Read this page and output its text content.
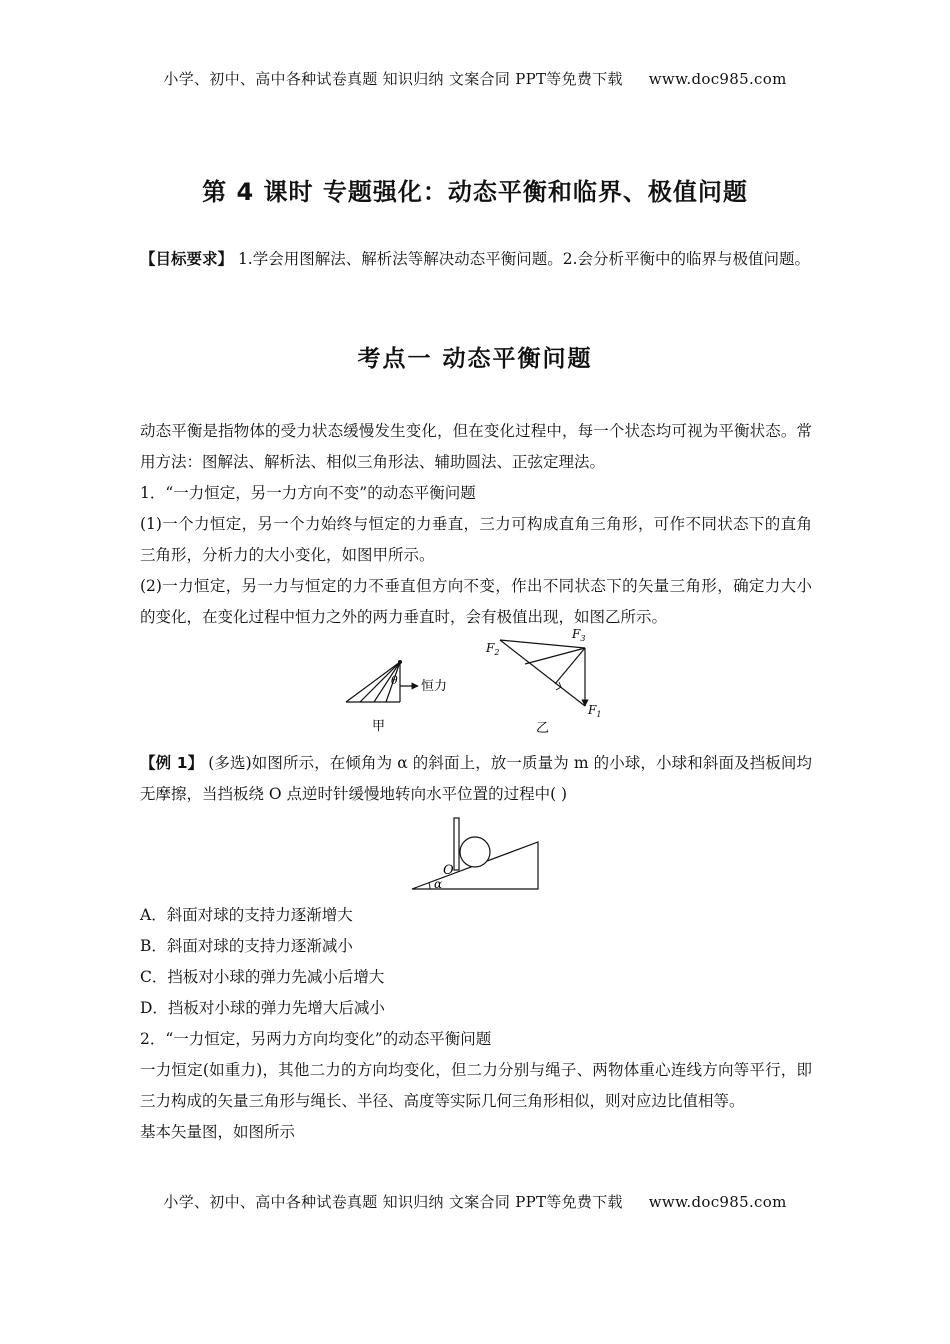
小学、初中、高中各种试卷真题 知识归纳 文案合同 PPT等免费下载 www.doc985.com
第 4 课时 专题强化：动态平衡和临界、极值问题
【目标要求】 1.学会用图解法、解析法等解决动态平衡问题。2.会分析平衡中的临界与极值问题。
考点一 动态平衡问题
动态平衡是指物体的受力状态缓慢发生变化，但在变化过程中，每一个状态均可视为平衡状态。常用方法：图解法、解析法、相似三角形法、辅助圆法、正弦定理法。
1．“一力恒定，另一力方向不变”的动态平衡问题
(1)一个力恒定，另一个力始终与恒定的力垂直，三力可构成直角三角形，可作不同状态下的直角三角形，分析力的大小变化，如图甲所示。
(2)一力恒定，另一力与恒定的力不垂直但方向不变，作出不同状态下的矢量三角形，确定力大小的变化，在变化过程中恒力之外的两力垂直时，会有极值出现，如图乙所示。
θ 恒力
甲
$F_2$
$F_3$
$F_1$
乙
【例 1】 (多选)如图所示，在倾角为 α 的斜面上，放一质量为 m 的小球，小球和斜面及挡板间均无摩擦，当挡板绕 O 点逆时针缓慢地转向水平位置的过程中( )
O
α
A．斜面对球的支持力逐渐增大
B．斜面对球的支持力逐渐减小
C．挡板对小球的弹力先减小后增大
D．挡板对小球的弹力先增大后减小
2．“一力恒定，另两力方向均变化”的动态平衡问题
一力恒定(如重力)，其他二力的方向均变化，但二力分别与绳子、两物体重心连线方向等平行，即三力构成的矢量三角形与绳长、半径、高度等实际几何三角形相似，则对应边比值相等。
基本矢量图，如图所示
小学、初中、高中各种试卷真题 知识归纳 文案合同 PPT等免费下载 www.doc985.com
